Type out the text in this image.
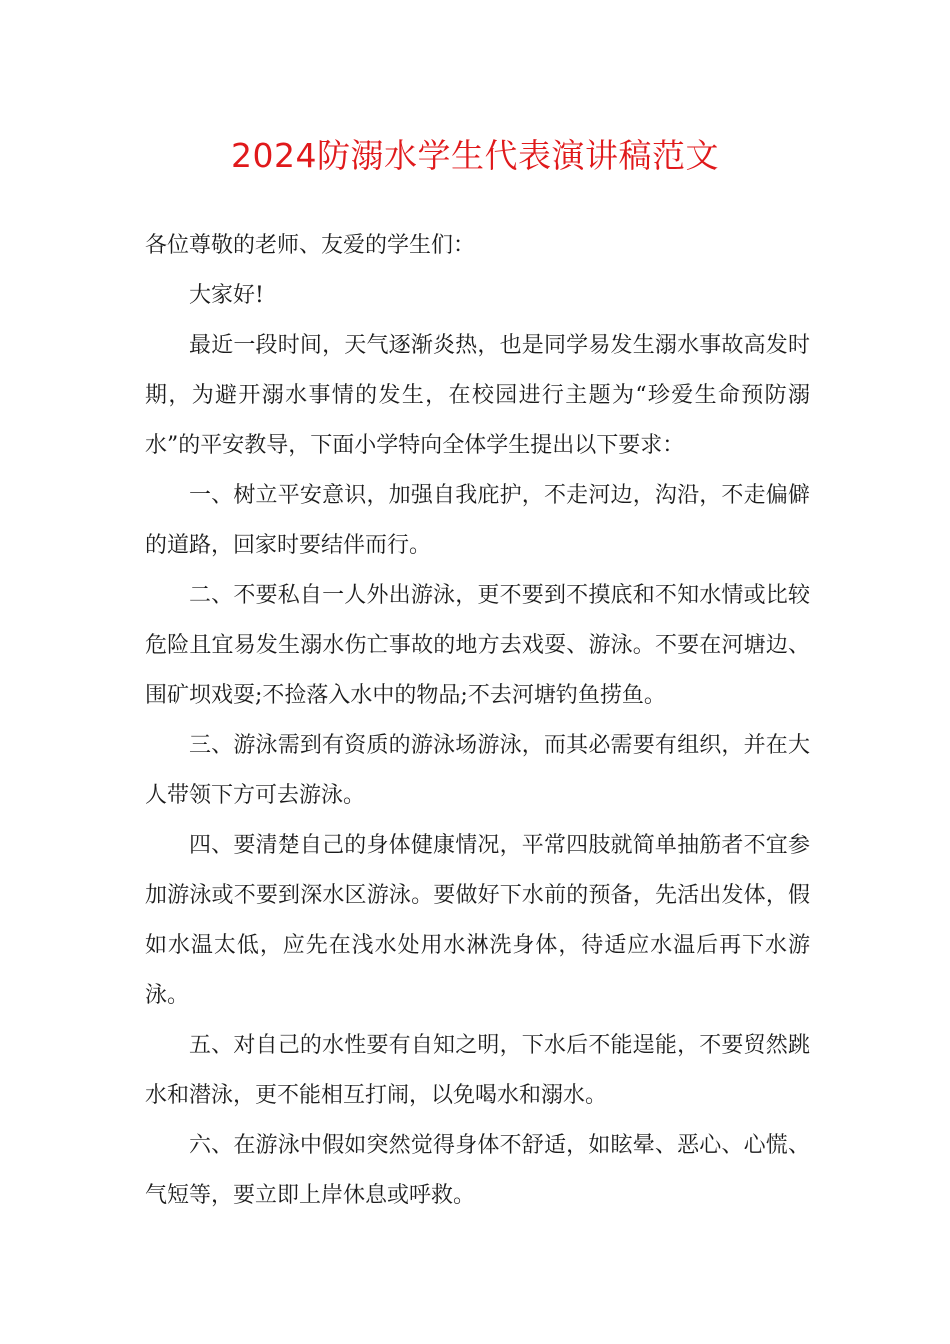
2024防溺水学生代表演讲稿范文

各位尊敬的老师、友爱的学生们：

大家好!

最近一段时间，天气逐渐炎热，也是同学易发生溺水事故高发时期，为避开溺水事情的发生，在校园进行主题为“珍爱生命预防溺水”的平安教导，下面小学特向全体学生提出以下要求：

一、树立平安意识，加强自我庇护，不走河边，沟沿，不走偏僻的道路，回家时要结伴而行。

二、不要私自一人外出游泳，更不要到不摸底和不知水情或比较危险且宜易发生溺水伤亡事故的地方去戏耍、游泳。不要在河塘边、围矿坝戏耍;不捡落入水中的物品;不去河塘钓鱼捞鱼。

三、游泳需到有资质的游泳场游泳，而其必需要有组织，并在大人带领下方可去游泳。

四、要清楚自己的身体健康情况，平常四肢就简单抽筋者不宜参加游泳或不要到深水区游泳。要做好下水前的预备，先活出发体，假如水温太低，应先在浅水处用水淋洗身体，待适应水温后再下水游泳。

五、对自己的水性要有自知之明，下水后不能逞能，不要贸然跳水和潜泳，更不能相互打闹，以免喝水和溺水。

六、在游泳中假如突然觉得身体不舒适，如眩晕、恶心、心慌、气短等，要立即上岸休息或呼救。
